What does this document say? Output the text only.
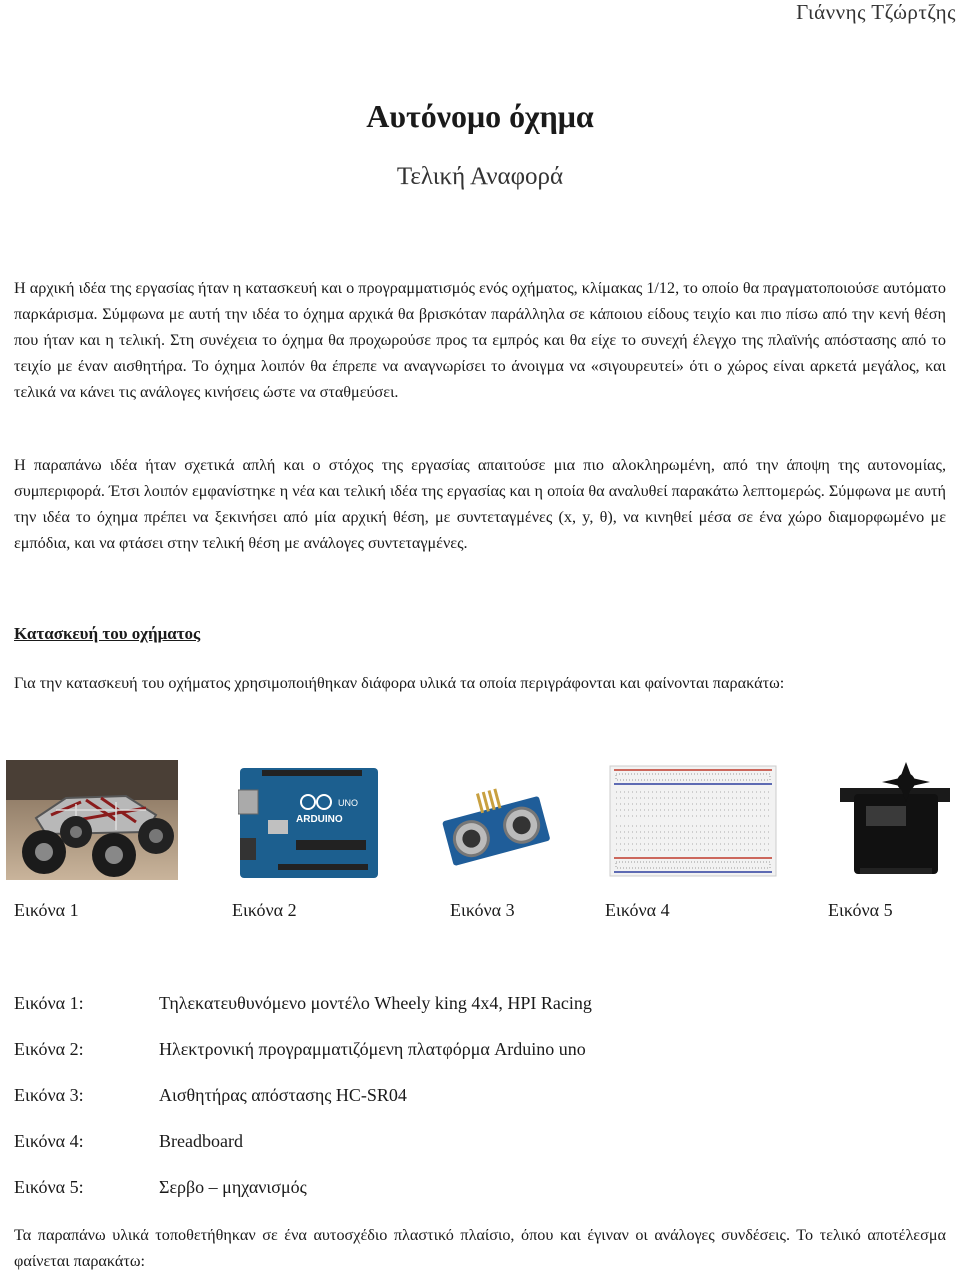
Γιάννης Τζώρτζης
Αυτόνομο όχημα
Τελική Αναφορά

Η αρχική ιδέα της εργασίας ήταν η κατασκευή και ο προγραμματισμός ενός οχήματος, κλίμακας 1/12, το οποίο θα πραγματοποιούσε αυτόματο παρκάρισμα. Σύμφωνα με αυτή την ιδέα το όχημα αρχικά θα βρισκόταν παράλληλα σε κάποιου είδους τειχίο και πιο πίσω από την κενή θέση που ήταν και η τελική. Στη συνέχεια το όχημα θα προχωρούσε προς τα εμπρός και θα είχε το συνεχή έλεγχο της πλαϊνής απόστασης από το τειχίο με έναν αισθητήρα. Το όχημα λοιπόν θα έπρεπε να αναγνωρίσει το άνοιγμα να «σιγουρευτεί» ότι ο χώρος είναι αρκετά μεγάλος, και τελικά να κάνει τις ανάλογες κινήσεις ώστε να σταθμεύσει.

Η παραπάνω ιδέα ήταν σχετικά απλή και ο στόχος της εργασίας απαιτούσε μια πιο αλοκληρωμένη, από την άποψη της αυτονομίας, συμπεριφορά. Έτσι λοιπόν εμφανίστηκε η νέα και τελική ιδέα της εργασίας και η οποία θα αναλυθεί παρακάτω λεπτομερώς. Σύμφωνα με αυτή την ιδέα το όχημα πρέπει να ξεκινήσει από μία αρχική θέση, με συντεταγμένες (x, y, θ), να κινηθεί μέσα σε ένα χώρο διαμορφωμένο με εμπόδια, και να φτάσει στην τελική θέση με ανάλογες συντεταγμένες.

Κατασκευή του οχήματος

Για την κατασκευή του οχήματος χρησιμοποιήθηκαν διάφορα υλικά τα οποία περιγράφονται και φαίνονται παρακάτω:

UNO
ARDUINO
Εικόνα 1	Εικόνα 2	Εικόνα 3	Εικόνα 4	Εικόνα 5
Εικόνα 1:	Τηλεκατευθυνόμενο μοντέλο Wheely king 4x4, HPI Racing
Εικόνα 2:	Ηλεκτρονική προγραμματιζόμενη πλατφόρμα Arduino uno
Εικόνα 3:	Αισθητήρας απόστασης HC-SR04
Εικόνα 4:	Breadboard
Εικόνα 5:	Σερβο – μηχανισμός

Τα παραπάνω υλικά τοποθετήθηκαν σε ένα αυτοσχέδιο πλαστικό πλαίσιο, όπου και έγιναν οι ανάλογες συνδέσεις. Το τελικό αποτέλεσμα φαίνεται παρακάτω:
